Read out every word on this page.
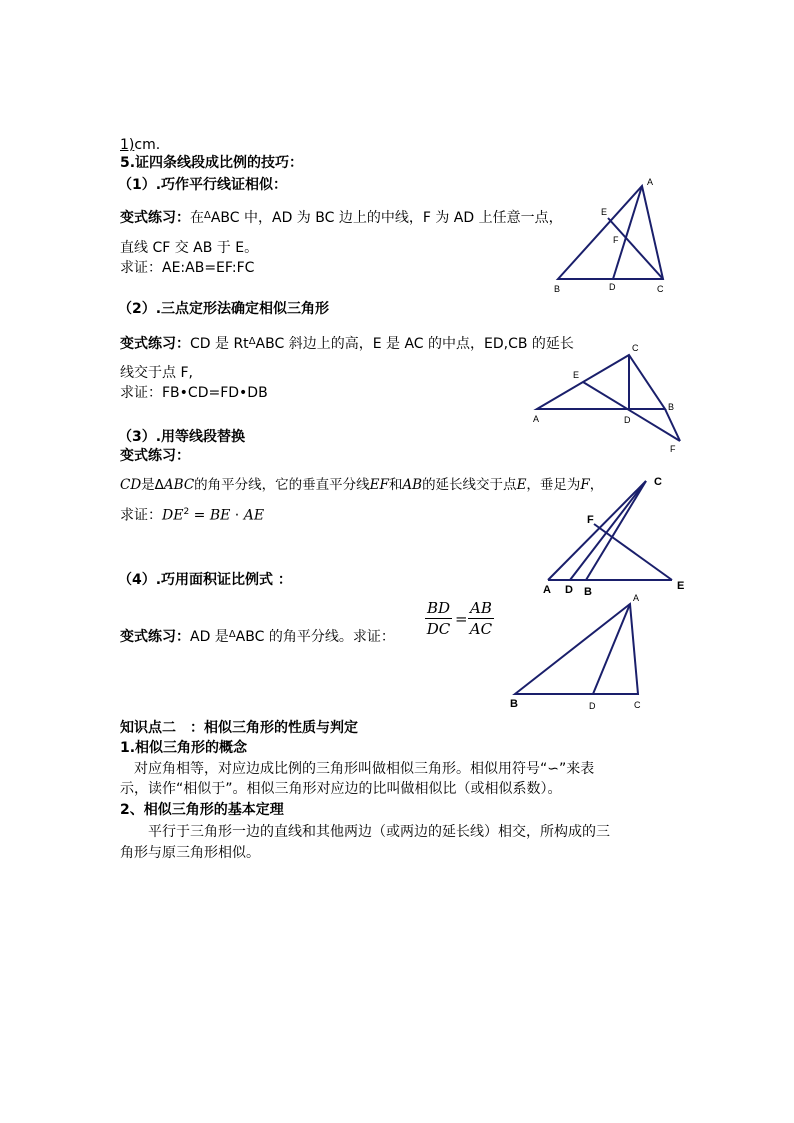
1)cm.
5.证四条线段成比例的技巧：
（1）.巧作平行线证相似：
变式练习：在$^\Delta$ABC 中，AD 为 BC 边上的中线，F 为 AD 上任意一点，
直线 CF 交 AB 于 E。
求证：AE:AB=EF:FC
A
B	C
D
E
F
（2）.三点定形法确定相似三角形
变式练习：CD 是 $Rt^\Delta ABC$ 斜边上的高，E 是 AC 的中点，ED,CB 的延长
线交于点 F,
求证：FB•CD=FD•DB
A
B
C
D
E
F
（3）.用等线段替换
变式练习：
CD是ΔABC的角平分线，它的垂直平分线EF和AB的延长线交于点E，垂足为F，
求证：$DE^2$ = BE · AE
A	B
C
D	E
F
（4）.巧用面积证比例式 ：
变式练习：AD 是$^\Delta$ABC 的角平分线。求证： $\frac{BD}{DC} = \frac{AB}{AC}$	A
B	C
D
知识点二　：相似三角形的性质与判定
1.相似三角形的概念
　对应角相等，对应边成比例的三角形叫做相似三角形。相似用符号“∽”来表
示，读作“相似于”。相似三角形对应边的比叫做相似比（或相似系数）。
2、相似三角形的基本定理
　　平行于三角形一边的直线和其他两边（或两边的延长线）相交，所构成的三
角形与原三角形相似。
